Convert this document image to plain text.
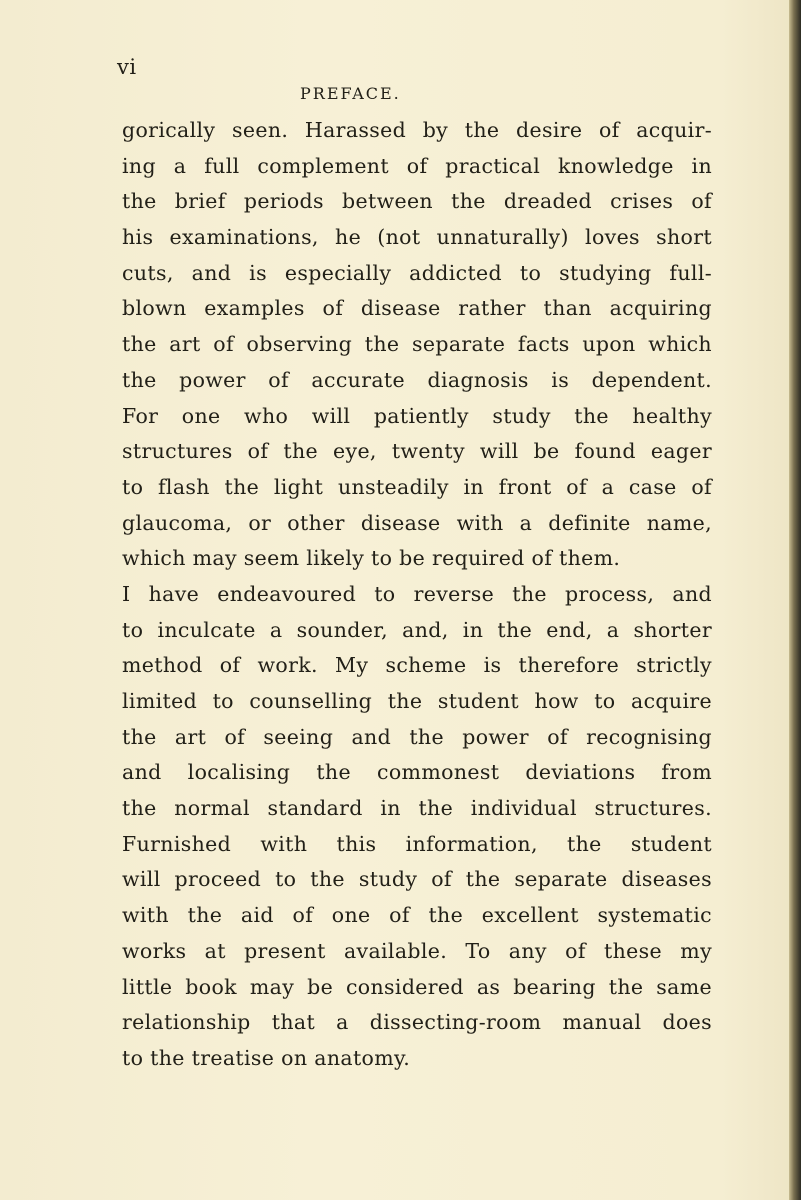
vi
PREFACE.
gorically seen. Harassed by the desire of acquir-
ing a full complement of practical knowledge in
the brief periods between the dreaded crises of
his examinations, he (not unnaturally) loves short
cuts, and is especially addicted to studying full-
blown examples of disease rather than acquiring
the art of observing the separate facts upon which
the power of accurate diagnosis is dependent.
For one who will patiently study the healthy
structures of the eye, twenty will be found eager
to flash the light unsteadily in front of a case of
glaucoma, or other disease with a definite name,
which may seem likely to be required of them.
I have endeavoured to reverse the process, and
to inculcate a sounder, and, in the end, a shorter
method of work. My scheme is therefore strictly
limited to counselling the student how to acquire
the art of seeing and the power of recognising
and localising the commonest deviations from
the normal standard in the individual structures.
Furnished with this information, the student
will proceed to the study of the separate diseases
with the aid of one of the excellent systematic
works at present available. To any of these my
little book may be considered as bearing the same
relationship that a dissecting-room manual does
to the treatise on anatomy.
